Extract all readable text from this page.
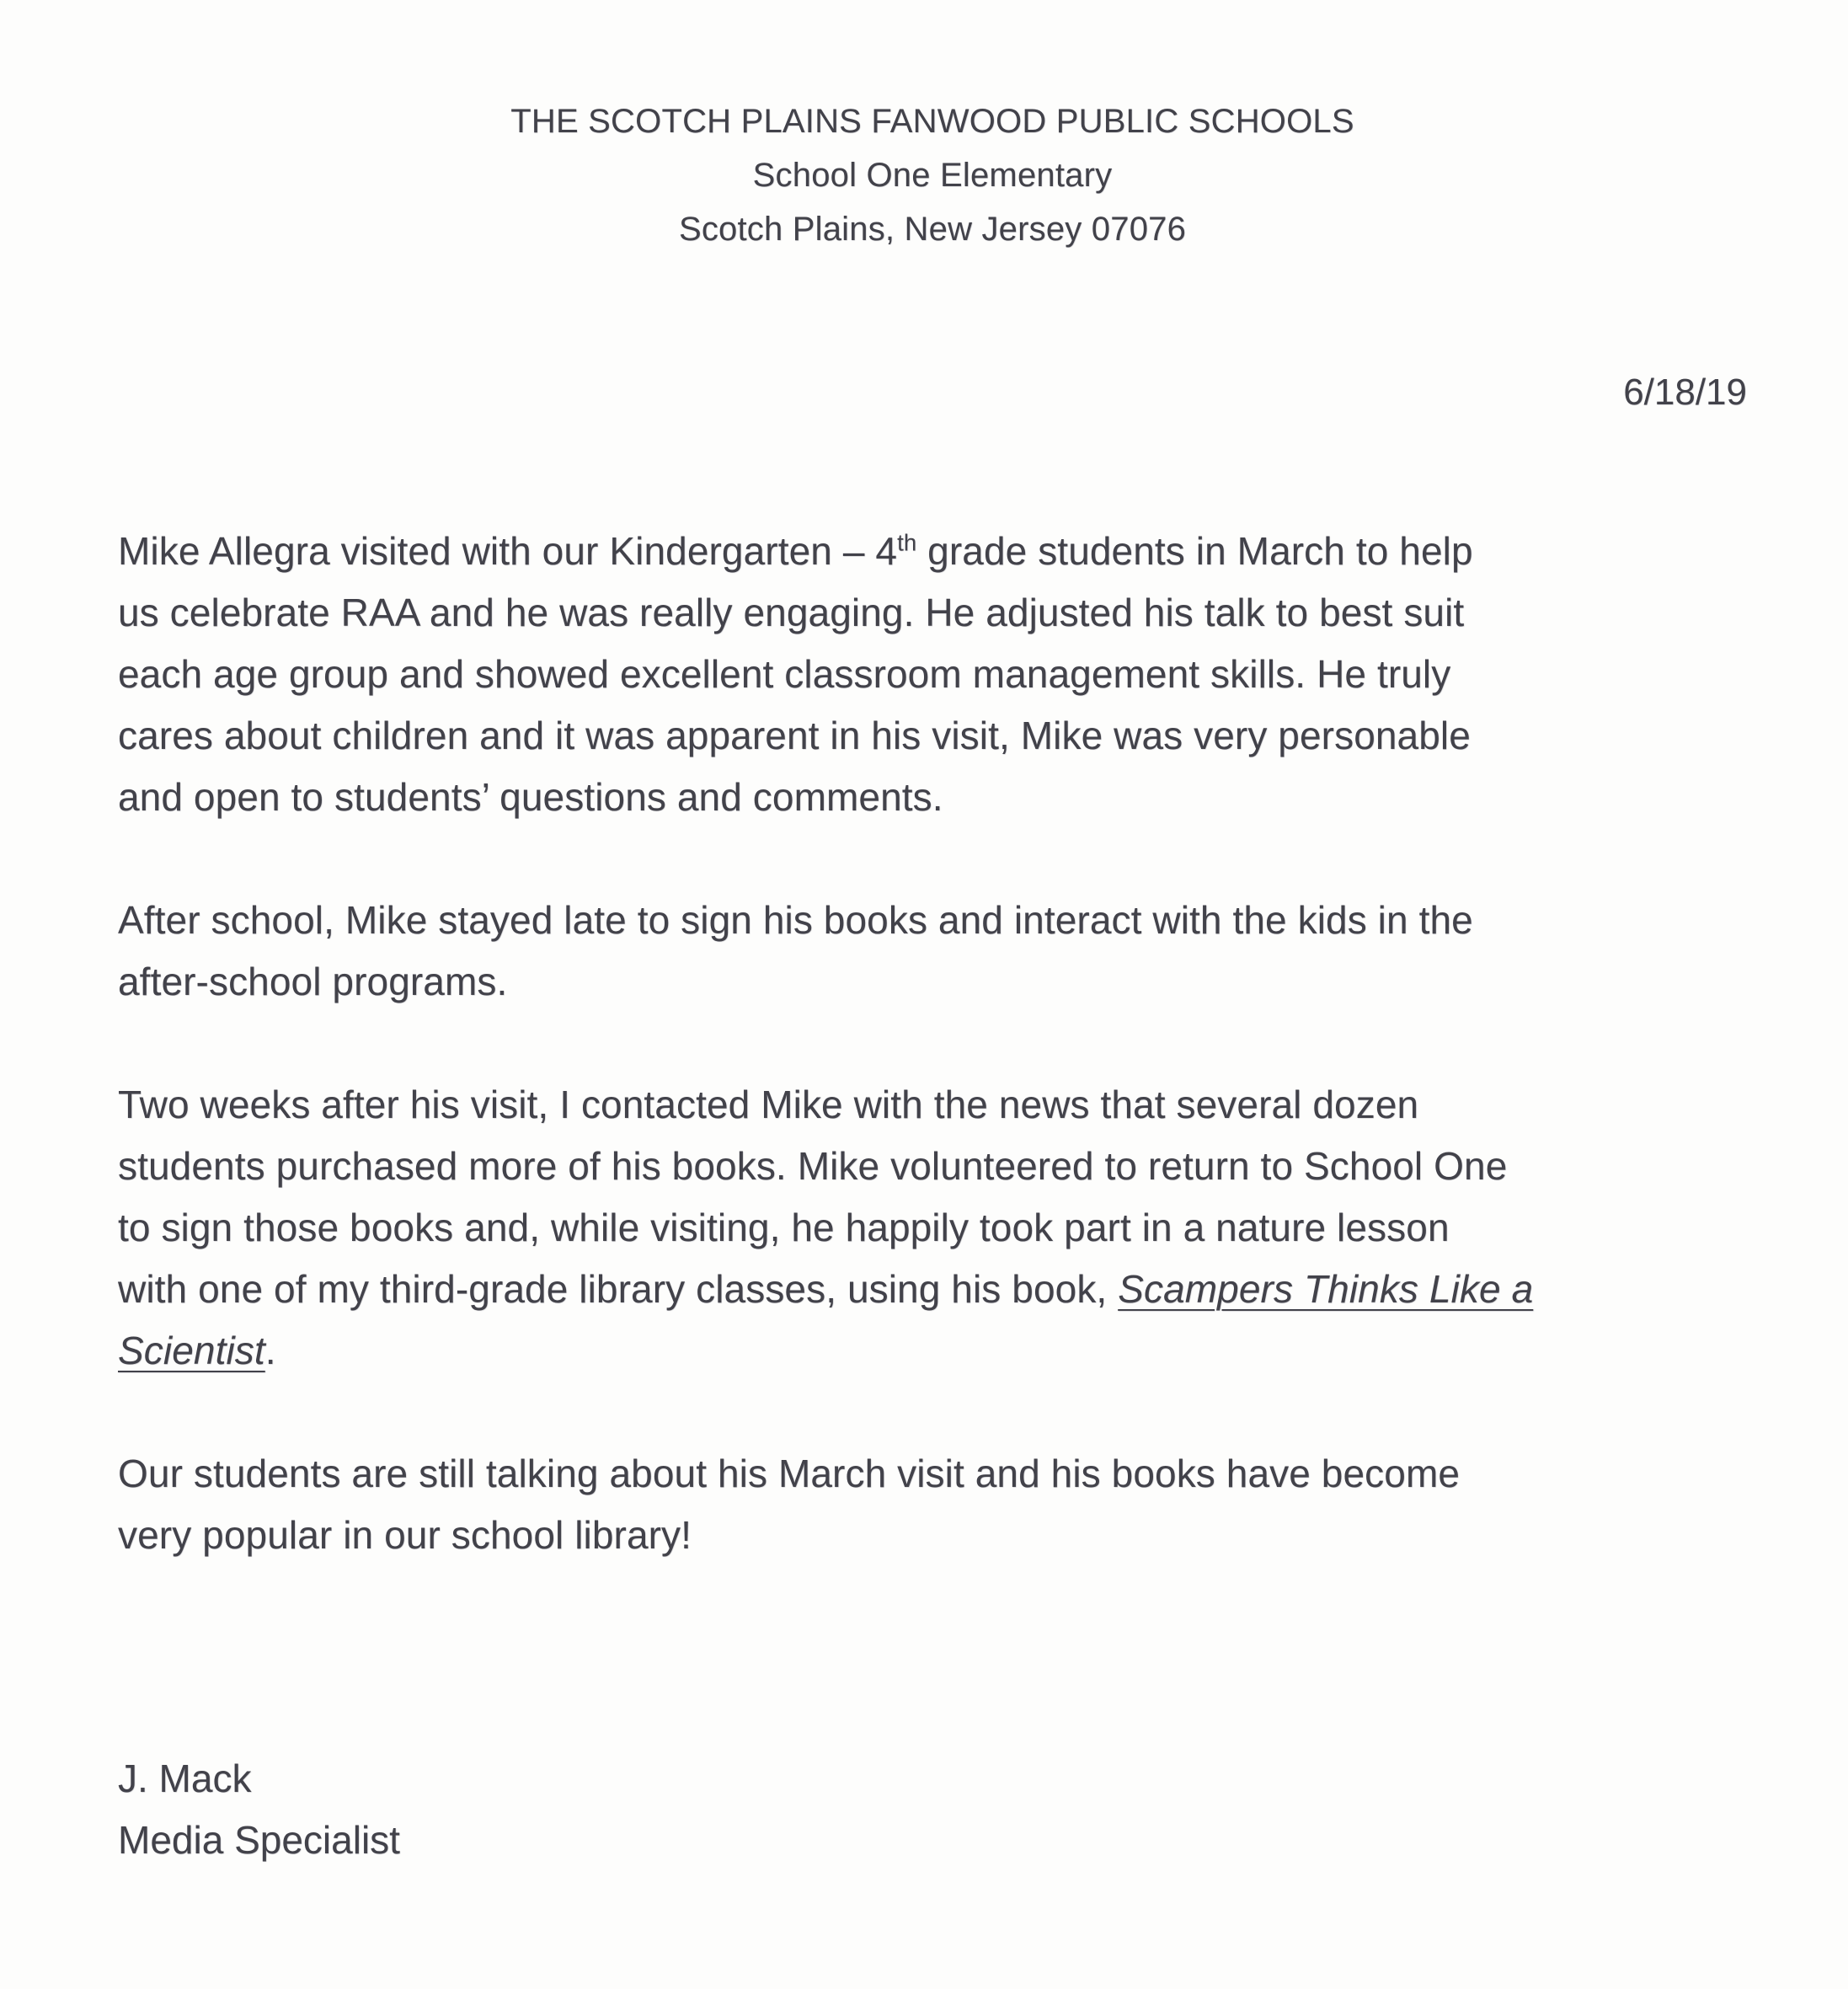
THE SCOTCH PLAINS FANWOOD PUBLIC SCHOOLS
School One Elementary
Scotch Plains, New Jersey 07076
6/18/19
Mike Allegra visited with our Kindergarten – 4th grade students in March to help
us celebrate RAA and he was really engaging. He adjusted his talk to best suit
each age group and showed excellent classroom management skills. He truly
cares about children and it was apparent in his visit, Mike was very personable
and open to students’ questions and comments.
After school, Mike stayed late to sign his books and interact with the kids in the
after-school programs.
Two weeks after his visit, I contacted Mike with the news that several dozen
students purchased more of his books. Mike volunteered to return to School One
to sign those books and, while visiting, he happily took part in a nature lesson
with one of my third-grade library classes, using his book, Scampers Thinks Like a
Scientist.
Our students are still talking about his March visit and his books have become
very popular in our school library!
J. Mack
Media Specialist
